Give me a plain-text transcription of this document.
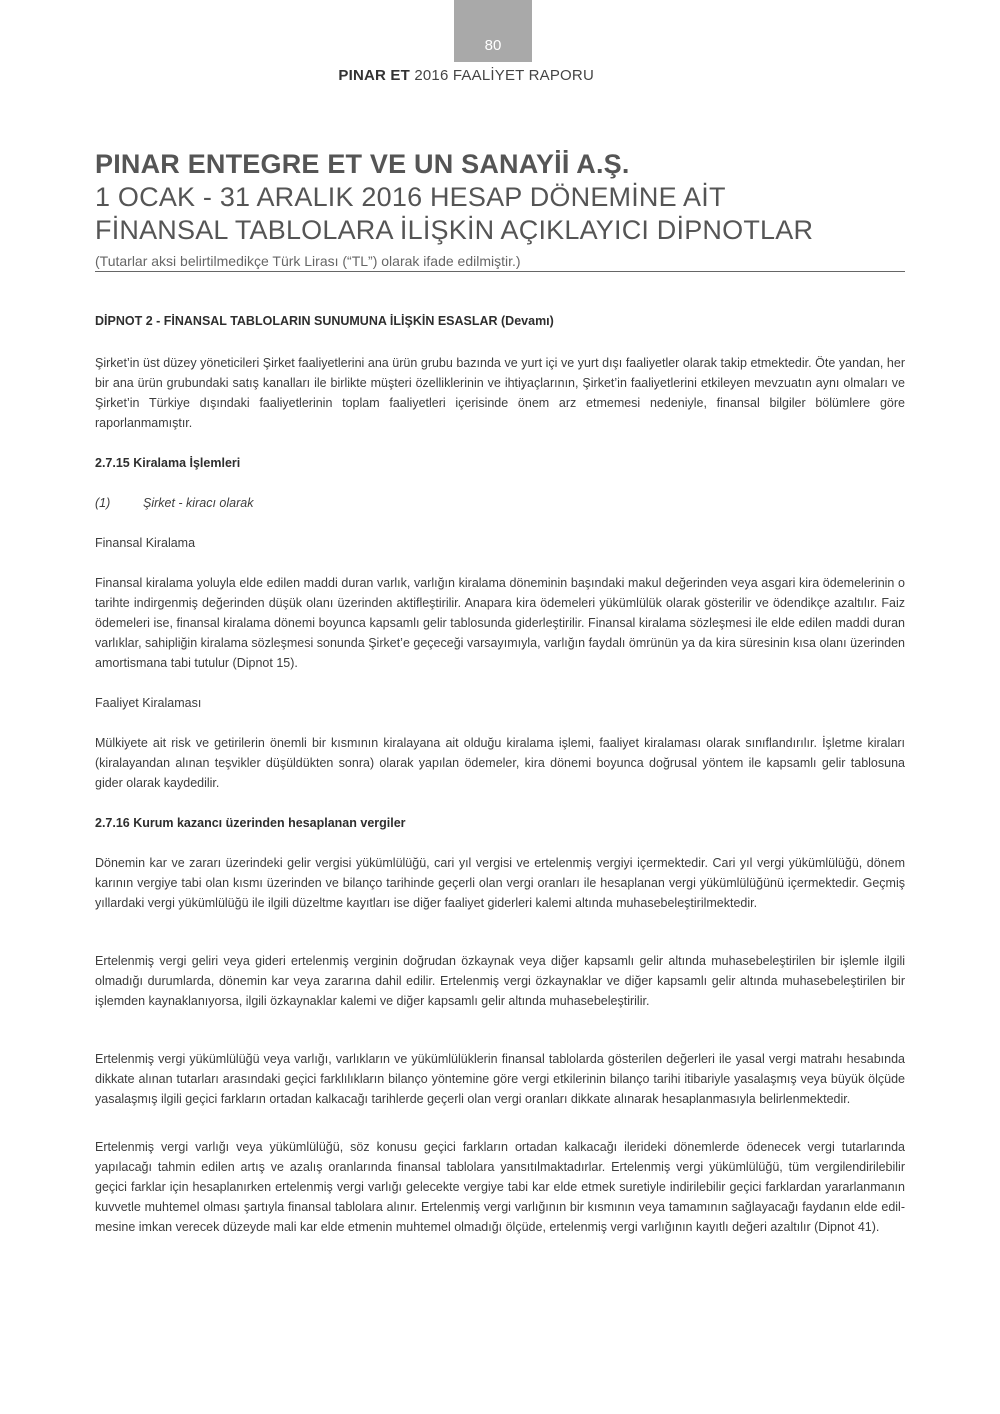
80
PINAR ET 2016 FAALİYET RAPORU
PINAR ENTEGRE ET VE UN SANAYİİ A.Ş.
1 OCAK - 31 ARALIK 2016 HESAP DÖNEMİNE AİT
FİNANSAL TABLOLARA İLİŞKİN AÇIKLAYICI DİPNOTLAR
(Tutarlar aksi belirtilmedikçe Türk Lirası (“TL”) olarak ifade edilmiştir.)

DİPNOT 2 - FİNANSAL TABLOLARIN SUNUMUNA İLİŞKİN ESASLAR (Devamı)

Şirket’in üst düzey yöneticileri Şirket faaliyetlerini ana ürün grubu bazında ve yurt içi ve yurt dışı faaliyetler olarak takip etmektedir. Öte yandan, her bir ana ürün grubundaki satış kanalları ile birlikte müşteri özelliklerinin ve ihtiyaçlarının, Şirket’in faaliyetlerini etkileyen mevzuatın aynı olmaları ve Şirket’in Türkiye dışındaki faaliyetlerinin toplam faaliyetleri içerisinde önem arz etmemesi nedeniyle, finansal bilgiler bölümlere göre raporlanmamıştır.

2.7.15 Kiralama İşlemleri

(1)	Şirket - kiracı olarak

Finansal Kiralama

Finansal kiralama yoluyla elde edilen maddi duran varlık, varlığın kiralama döneminin başındaki makul değerinden veya asgari kira ödemelerinin o tarihte indirgenmiş değerinden düşük olanı üzerinden aktifleştirilir. Anapara kira ödemeleri yükümlülük olarak gösterilir ve ödendikçe azaltılır. Faiz ödemeleri ise, finansal kiralama dönemi boyunca kapsamlı gelir tablosunda giderleştirilir. Finansal kiralama sözleşmesi ile elde edilen maddi duran varlıklar, sahipliğin kiralama sözleşmesi sonunda Şirket’e geçeceği varsayımıyla, varlığın faydalı ömrünün ya da kira süresinin kısa olanı üzerinden amortismana tabi tutulur (Dipnot 15).

Faaliyet Kiralaması

Mülkiyete ait risk ve getirilerin önemli bir kısmının kiralayana ait olduğu kiralama işlemi, faaliyet kiralaması olarak sınıflandırılır. İşletme kiraları (kiralayandan alınan teşvikler düşüldükten sonra) olarak yapılan ödemeler, kira dönemi boyunca doğrusal yöntem ile kapsamlı gelir tablosuna gider olarak kaydedilir.

2.7.16 Kurum kazancı üzerinden hesaplanan vergiler

Dönemin kar ve zararı üzerindeki gelir vergisi yükümlülüğü, cari yıl vergisi ve ertelenmiş vergiyi içermektedir. Cari yıl vergi yükümlülüğü, dönem karının vergiye tabi olan kısmı üzerinden ve bilanço tarihinde geçerli olan vergi oranları ile hesaplanan vergi yükümlülüğünü içermektedir. Geçmiş yıllardaki vergi yükümlülüğü ile ilgili düzeltme kayıtları ise diğer faaliyet giderleri kalemi altında muhasebeleştirilmektedir.

Ertelenmiş vergi geliri veya gideri ertelenmiş verginin doğrudan özkaynak veya diğer kapsamlı gelir altında muhasebeleştirilen bir işlemle ilgili olmadığı durumlarda, dönemin kar veya zararına dahil edilir. Ertelenmiş vergi özkaynaklar ve diğer kapsamlı gelir altında muhasebeleştirilen bir işlemden kaynaklanıyorsa, ilgili özkaynaklar kalemi ve diğer kapsamlı gelir altında muhasebeleştirilir.

Ertelenmiş vergi yükümlülüğü veya varlığı, varlıkların ve yükümlülüklerin finansal tablolarda gösterilen değerleri ile yasal vergi matrahı hesabında dikkate alınan tutarları arasındaki geçici farklılıkların bilanço yöntemine göre vergi etkilerinin bilanço tarihi itibariyle yasalaşmış veya büyük ölçüde yasalaşmış ilgili geçici farkların ortadan kalkacağı tarihlerde geçerli olan vergi oranları dikkate alınarak hesaplanmasıyla belirlenmektedir.

Ertelenmiş vergi varlığı veya yükümlülüğü, söz konusu geçici farkların ortadan kalkacağı ilerideki dönemlerde ödenecek vergi tutarlarında yapılacağı tahmin edilen artış ve azalış oranlarında finansal tablolara yansıtılmaktadırlar. Ertelenmiş vergi yükümlülüğü, tüm vergilendirilebilir geçici farklar için hesaplanırken ertelenmiş vergi varlığı gelecekte vergiye tabi kar elde etmek suretiyle indirilebilir geçici farklardan yararlanmanın kuvvetle muhtemel olması şartıyla finansal tablolara alınır. Ertelenmiş vergi varlığının bir kısmının veya tamamının sağlayacağı faydanın elde edil-mesine imkan verecek düzeyde mali kar elde etmenin muhtemel olmadığı ölçüde, ertelenmiş vergi varlığının kayıtlı değeri azaltılır (Dipnot 41).
